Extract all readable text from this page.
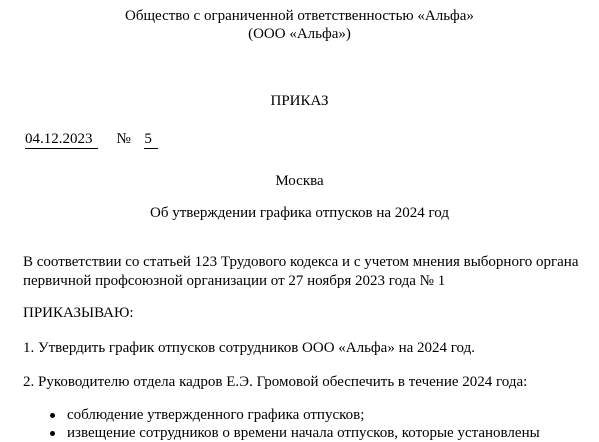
Общество с ограниченной ответственностью «Альфа»
(ООО «Альфа»)
ПРИКАЗ
04.12.2023 № 5
Москва
Об утверждении графика отпусков на 2024 год
В соответствии со статьей 123 Трудового кодекса и с учетом мнения выборного органа
первичной профсоюзной организации от 27 ноября 2023 года № 1
ПРИКАЗЫВАЮ:
1. Утвердить график отпусков сотрудников ООО «Альфа» на 2024 год.
2. Руководителю отдела кадров Е.Э. Громовой обеспечить в течение 2024 года:
соблюдение утвержденного графика отпусков;
извещение сотрудников о времени начала отпусков, которые установлены
